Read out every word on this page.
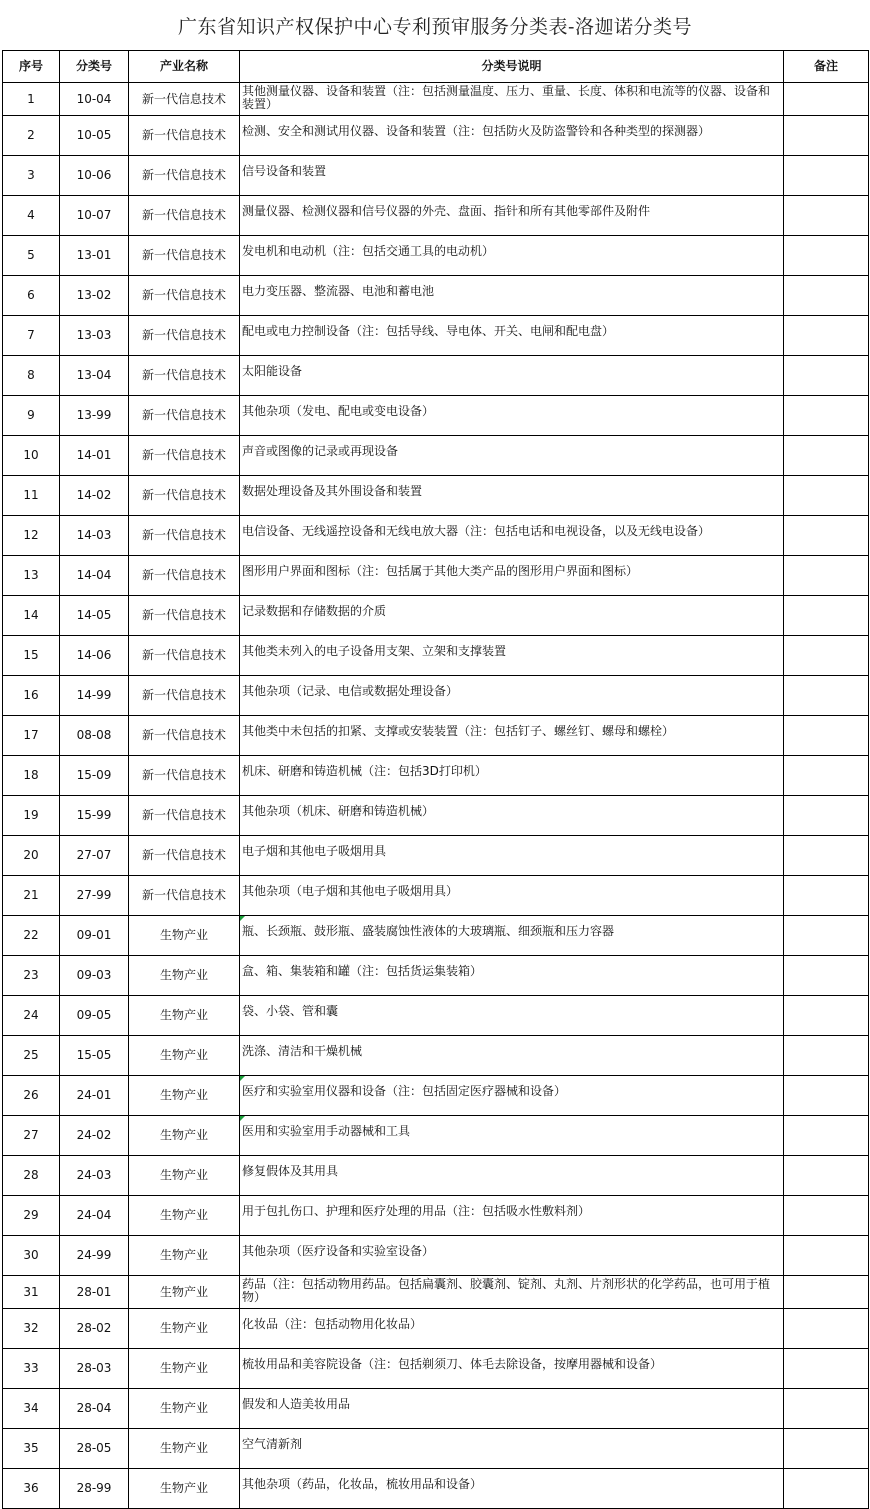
广东省知识产权保护中心专利预审服务分类表-洛迦诺分类号
序号	分类号	产业名称	分类号说明	备注
1	10-04	新一代信息技术	其他测量仪器、设备和装置（注：包括测量温度、压力、重量、长度、体积和电流等的仪器、设备和装置）	

2	10-05	新一代信息技术	检测、安全和测试用仪器、设备和装置（注：包括防火及防盗警铃和各种类型的探测器）	

3	10-06	新一代信息技术	信号设备和装置	

4	10-07	新一代信息技术	测量仪器、检测仪器和信号仪器的外壳、盘面、指针和所有其他零部件及附件	

5	13-01	新一代信息技术	发电机和电动机（注：包括交通工具的电动机）	

6	13-02	新一代信息技术	电力变压器、整流器、电池和蓄电池	

7	13-03	新一代信息技术	配电或电力控制设备（注：包括导线、导电体、开关、电闸和配电盘）	

8	13-04	新一代信息技术	太阳能设备	

9	13-99	新一代信息技术	其他杂项（发电、配电或变电设备）	

10	14-01	新一代信息技术	声音或图像的记录或再现设备	

11	14-02	新一代信息技术	数据处理设备及其外围设备和装置	

12	14-03	新一代信息技术	电信设备、无线遥控设备和无线电放大器（注：包括电话和电视设备，以及无线电设备）	

13	14-04	新一代信息技术	图形用户界面和图标（注：包括属于其他大类产品的图形用户界面和图标）	

14	14-05	新一代信息技术	记录数据和存储数据的介质	

15	14-06	新一代信息技术	其他类未列入的电子设备用支架、立架和支撑装置	

16	14-99	新一代信息技术	其他杂项（记录、电信或数据处理设备）	

17	08-08	新一代信息技术	其他类中未包括的扣紧、支撑或安装装置（注：包括钉子、螺丝钉、螺母和螺栓）	

18	15-09	新一代信息技术	机床、研磨和铸造机械（注：包括3D打印机）	

19	15-99	新一代信息技术	其他杂项（机床、研磨和铸造机械）	

20	27-07	新一代信息技术	电子烟和其他电子吸烟用具	

21	27-99	新一代信息技术	其他杂项（电子烟和其他电子吸烟用具）	

22	09-01	生物产业	瓶、长颈瓶、鼓形瓶、盛装腐蚀性液体的大玻璃瓶、细颈瓶和压力容器	

23	09-03	生物产业	盒、箱、集装箱和罐（注：包括货运集装箱）	

24	09-05	生物产业	袋、小袋、管和囊	

25	15-05	生物产业	洗涤、清洁和干燥机械	

26	24-01	生物产业	医疗和实验室用仪器和设备（注：包括固定医疗器械和设备）	

27	24-02	生物产业	医用和实验室用手动器械和工具	

28	24-03	生物产业	修复假体及其用具	

29	24-04	生物产业	用于包扎伤口、护理和医疗处理的用品（注：包括吸水性敷料剂）	

30	24-99	生物产业	其他杂项（医疗设备和实验室设备）	

31	28-01	生物产业	药品（注：包括动物用药品。包括扁囊剂、胶囊剂、锭剂、丸剂、片剂形状的化学药品，也可用于植物）	

32	28-02	生物产业	化妆品（注：包括动物用化妆品）	

33	28-03	生物产业	梳妆用品和美容院设备（注：包括剃须刀、体毛去除设备，按摩用器械和设备）	

34	28-04	生物产业	假发和人造美妆用品	

35	28-05	生物产业	空气清新剂	

36	28-99	生物产业	其他杂项（药品，化妆品，梳妆用品和设备）	
